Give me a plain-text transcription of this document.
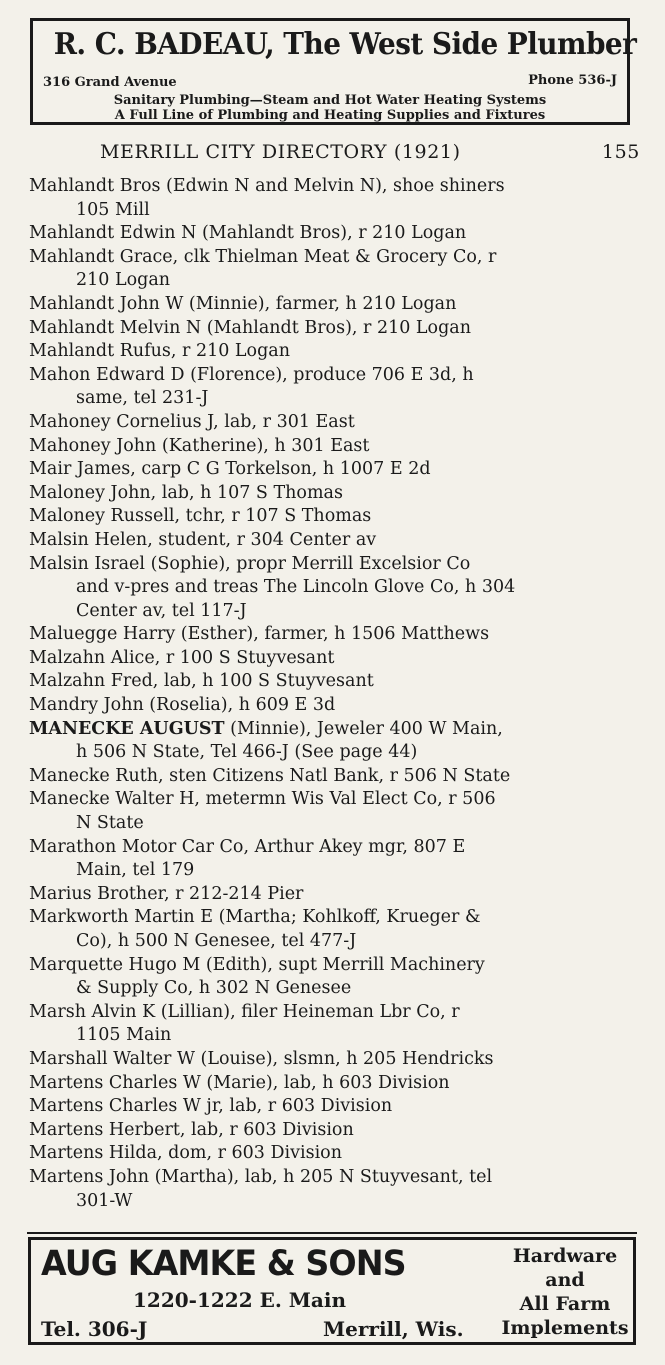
R. C. BADEAU, The West Side Plumber
316 Grand Avenue	Phone 536-J
Sanitary Plumbing—Steam and Hot Water Heating Systems
A Full Line of Plumbing and Heating Supplies and Fixtures
MERRILL CITY DIRECTORY (1921)	155
Mahlandt Bros (Edwin N and Melvin N), shoe shiners
105 Mill
Mahlandt Edwin N (Mahlandt Bros), r 210 Logan
Mahlandt Grace, clk Thielman Meat & Grocery Co, r
210 Logan
Mahlandt John W (Minnie), farmer, h 210 Logan
Mahlandt Melvin N (Mahlandt Bros), r 210 Logan
Mahlandt Rufus, r 210 Logan
Mahon Edward D (Florence), produce 706 E 3d, h
same, tel 231-J
Mahoney Cornelius J, lab, r 301 East
Mahoney John (Katherine), h 301 East
Mair James, carp C G Torkelson, h 1007 E 2d
Maloney John, lab, h 107 S Thomas
Maloney Russell, tchr, r 107 S Thomas
Malsin Helen, student, r 304 Center av
Malsin Israel (Sophie), propr Merrill Excelsior Co
and v-pres and treas The Lincoln Glove Co, h 304
Center av, tel 117-J
Maluegge Harry (Esther), farmer, h 1506 Matthews
Malzahn Alice, r 100 S Stuyvesant
Malzahn Fred, lab, h 100 S Stuyvesant
Mandry John (Roselia), h 609 E 3d
MANECKE AUGUST (Minnie), Jeweler 400 W Main,
h 506 N State, Tel 466-J (See page 44)
Manecke Ruth, sten Citizens Natl Bank, r 506 N State
Manecke Walter H, metermn Wis Val Elect Co, r 506
N State
Marathon Motor Car Co, Arthur Akey mgr, 807 E
Main, tel 179
Marius Brother, r 212-214 Pier
Markworth Martin E (Martha; Kohlkoff, Krueger &
Co), h 500 N Genesee, tel 477-J
Marquette Hugo M (Edith), supt Merrill Machinery
& Supply Co, h 302 N Genesee
Marsh Alvin K (Lillian), filer Heineman Lbr Co, r
1105 Main
Marshall Walter W (Louise), slsmn, h 205 Hendricks
Martens Charles W (Marie), lab, h 603 Division
Martens Charles W jr, lab, r 603 Division
Martens Herbert, lab, r 603 Division
Martens Hilda, dom, r 603 Division
Martens John (Martha), lab, h 205 N Stuyvesant, tel
301-W
AUG KAMKE & SONS
1220-1222 E. Main
Tel. 306-J	Merrill, Wis.
Hardware
and
All Farm
Implements
